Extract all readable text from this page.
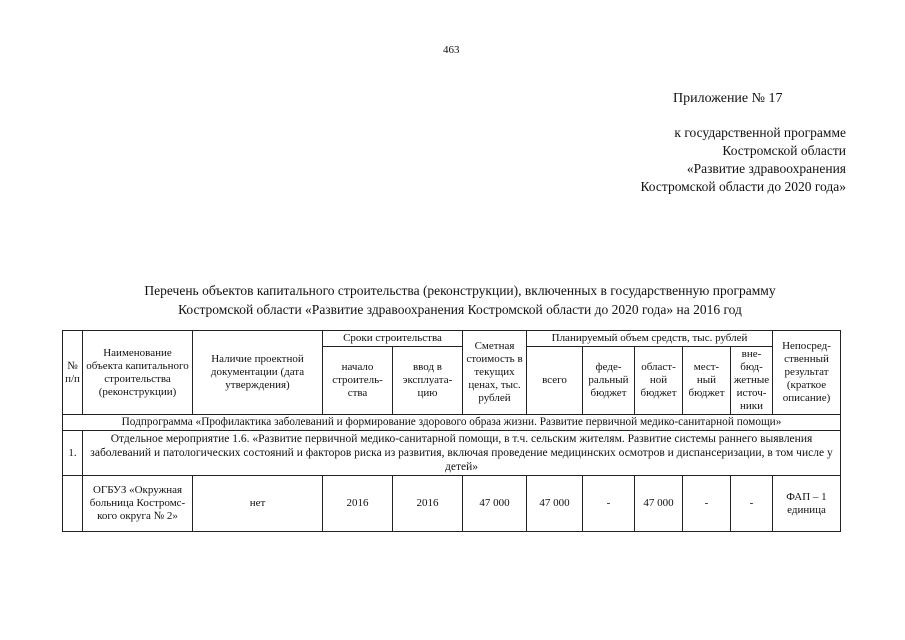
463
Приложение № 17
к государственной программе
Костромской области
«Развитие здравоохранения
Костромской области до 2020 года»
Перечень объектов капитального строительства (реконструкции), включенных в государственную программу
Костромской области «Развитие здравоохранения Костромской области до 2020 года» на 2016 год
№ п/п	Наименование объекта капитального строительства (реконструкции)	Наличие проектной документации (дата утверждения)	Сроки строительства		Сметная стоимость в текущих ценах, тыс. рублей	Планируемый объем средств, тыс. рублей					Непосред-ственный результат (краткое описание)
			начало строитель-ства	ввод в эксплуата-цию		всего	феде-ральный бюджет	област-ной бюджет	мест-ный бюджет	вне-бюд-жетные источ-ники	
Подпрограмма «Профилактика заболеваний и формирование здорового образа жизни. Развитие первичной медико-санитарной помощи»											
1.	Отдельное мероприятие 1.6. «Развитие первичной медико-санитарной помощи, в т.ч. сельским жителям. Развитие системы раннего выявления заболеваний и патологических состояний и факторов риска из развития, включая проведение медицинских осмотров и диспансеризации, в том числе у детей»										
	ОГБУЗ «Окружная больница Костромс-кого округа № 2»	нет	2016	2016	47 000	47 000	-	47 000	-	-	ФАП – 1 единица
